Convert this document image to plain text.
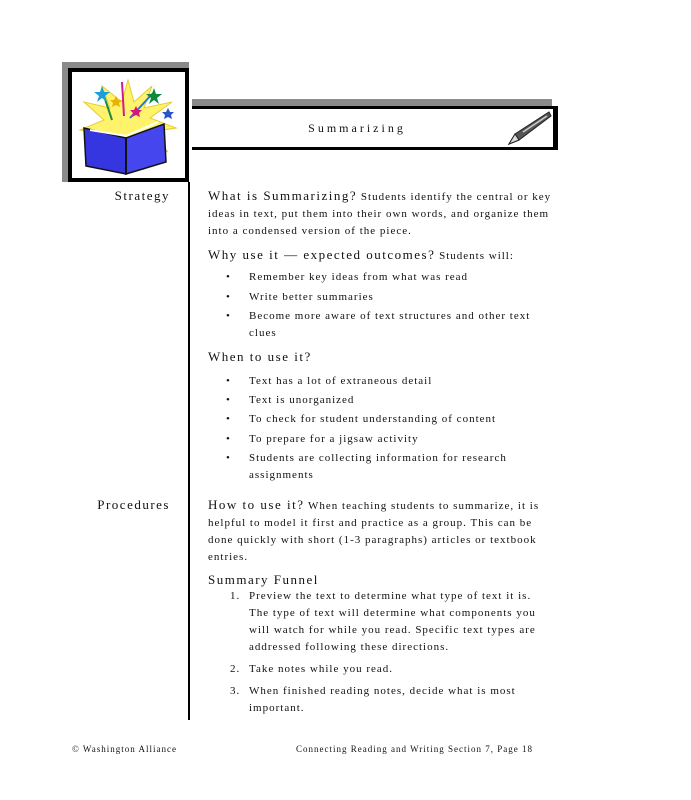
Summarizing
Strategy
Procedures
What is Summarizing? Students identify the central or key ideas in text, put them into their own words, and organize them into a condensed version of the piece.
Why use it — expected outcomes? Students will:
• Remember key ideas from what was read
• Write better summaries
• Become more aware of text structures and other text clues
When to use it?
• Text has a lot of extraneous detail
• Text is unorganized
• To check for student understanding of content
• To prepare for a jigsaw activity
• Students are collecting information for research assignments
How to use it? When teaching students to summarize, it is helpful to model it first and practice as a group. This can be done quickly with short (1-3 paragraphs) articles or textbook entries.
Summary Funnel
1. Preview the text to determine what type of text it is. The type of text will determine what components you will watch for while you read. Specific text types are addressed following these directions.
2. Take notes while you read.
3. When finished reading notes, decide what is most important.
© Washington Alliance	Connecting Reading and Writing Section 7, Page 18
